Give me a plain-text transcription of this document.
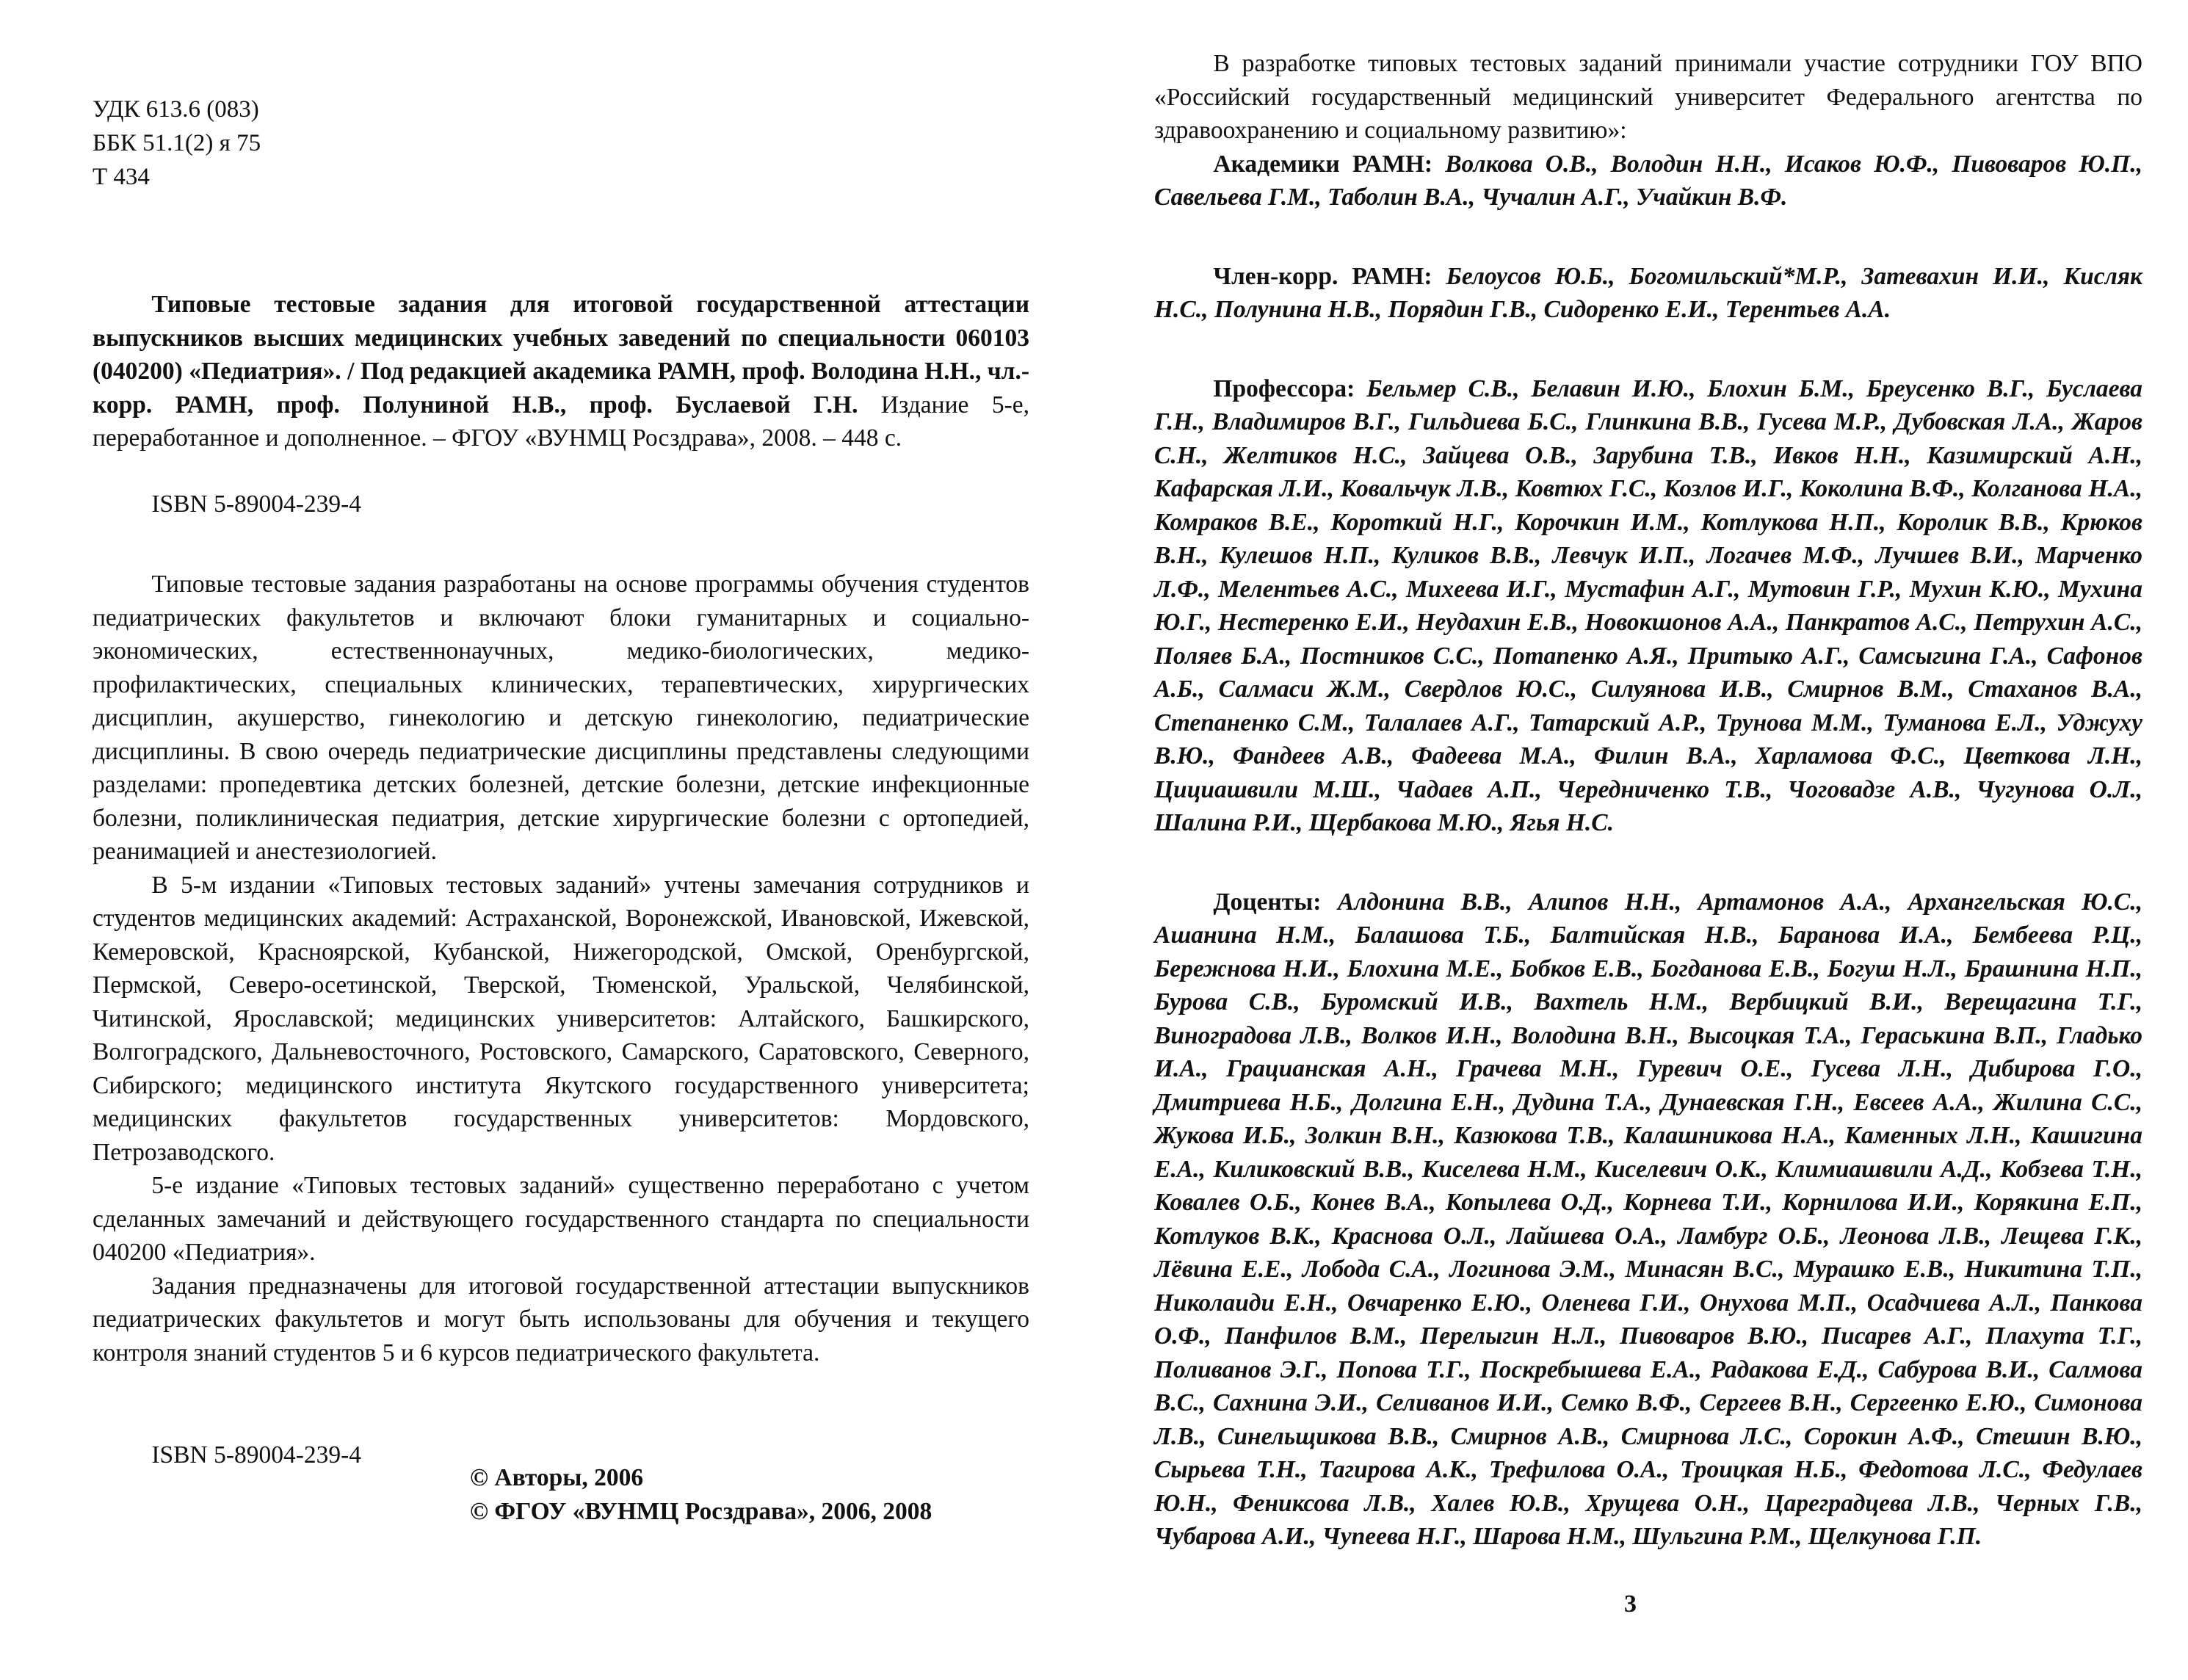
УДК 613.6 (083)

ББК 51.1(2) я 75

Т 434

Типовые тестовые задания для итоговой государственной аттестации выпускников высших медицинских учебных заведений по специальности 060103 (040200) «Педиатрия». / Под редакцией академика РАМН, проф. Володина Н.Н., чл.-корр. РАМН, проф. Полуниной Н.В., проф. Буслаевой Г.Н. Издание 5-е, переработанное и дополненное. – ФГОУ «ВУНМЦ Росздрава», 2008. – 448 с.

ISBN 5-89004-239-4

Типовые тестовые задания разработаны на основе программы обучения студентов педиатрических факультетов и включают блоки гуманитарных и социально-экономических, естественнонаучных, медико-биологических, медико-профилактических, специальных клинических, терапевтических, хирургических дисциплин, акушерство, гинекологию и детскую гинекологию, педиатрические дисциплины. В свою очередь педиатрические дисциплины представлены следующими разделами: пропедевтика детских болезней, детские болезни, детские инфекционные болезни, поликлиническая педиатрия, детские хирургические болезни с ортопедией, реанимацией и анестезиологией.

В 5-м издании «Типовых тестовых заданий» учтены замечания сотрудников и студентов медицинских академий: Астраханской, Воронежской, Ивановской, Ижевской, Кемеровской, Красноярской, Кубанской, Нижегородской, Омской, Оренбургской, Пермской, Северо-осетинской, Тверской, Тюменской, Уральской, Челябинской, Читинской, Ярославской; медицинских университетов: Алтайского, Башкирского, Волгоградского, Дальневосточного, Ростовского, Самарского, Саратовского, Северного, Сибирского; медицинского института Якутского государственного университета; медицинских факультетов государственных университетов: Мордовского, Петрозаводского.

5-е издание «Типовых тестовых заданий» существенно переработано с учетом сделанных замечаний и действующего государственного стандарта по специальности 040200 «Педиатрия».

Задания предназначены для итоговой государственной аттестации выпускников педиатрических факультетов и могут быть использованы для обучения и текущего контроля знаний студентов 5 и 6 курсов педиатрического факультета.

ISBN 5-89004-239-4

© Авторы, 2006

© ФГОУ «ВУНМЦ Росздрава», 2006, 2008

В разработке типовых тестовых заданий принимали участие сотрудники ГОУ ВПО «Российский государственный медицинский университет Федерального агентства по здравоохранению и социальному развитию»:

Академики РАМН: Волкова О.В., Володин Н.Н., Исаков Ю.Ф., Пивоваров Ю.П., Савельева Г.М., Таболин В.А., Чучалин А.Г., Учайкин В.Ф.

Член-корр. РАМН: Белоусов Ю.Б., Богомильский*М.Р., Затевахин И.И., Кисляк Н.С., Полунина Н.В., Порядин Г.В., Сидоренко Е.И., Терентьев А.А.

Профессора: Бельмер С.В., Белавин И.Ю., Блохин Б.М., Бреусенко В.Г., Буслаева Г.Н., Владимиров В.Г., Гильдиева Б.С., Глинкина В.В., Гусева М.Р., Дубовская Л.А., Жаров С.Н., Желтиков Н.С., Зайцева О.В., Зарубина Т.В., Ивков Н.Н., Казимирский А.Н., Кафарская Л.И., Ковальчук Л.В., Ковтюх Г.С., Козлов И.Г., Коколина В.Ф., Колганова Н.А., Комраков В.Е., Короткий Н.Г., Корочкин И.М., Котлукова Н.П., Королик В.В., Крюков В.Н., Кулешов Н.П., Куликов В.В., Левчук И.П., Логачев М.Ф., Лучшев В.И., Марченко Л.Ф., Мелентьев А.С., Михеева И.Г., Мустафин А.Г., Мутовин Г.Р., Мухин К.Ю., Мухина Ю.Г., Нестеренко Е.И., Неудахин Е.В., Новокшонов А.А., Панкратов А.С., Петрухин А.С., Поляев Б.А., Постников С.С., Потапенко А.Я., Притыко А.Г., Самсыгина Г.А., Сафонов А.Б., Салмаси Ж.М., Свердлов Ю.С., Силуянова И.В., Смирнов В.М., Стаханов В.А., Степаненко С.М., Талалаев А.Г., Татарский А.Р., Трунова М.М., Туманова Е.Л., Уджуху В.Ю., Фандеев А.В., Фадеева М.А., Филин В.А., Харламова Ф.С., Цветкова Л.Н., Цициашвили М.Ш., Чадаев А.П., Чередниченко Т.В., Чоговадзе А.В., Чугунова О.Л., Шалина Р.И., Щербакова М.Ю., Ягья Н.С.

Доценты: Алдонина В.В., Алипов Н.Н., Артамонов А.А., Архангельская Ю.С., Ашанина Н.М., Балашова Т.Б., Балтийская Н.В., Баранова И.А., Бембеева Р.Ц., Бережнова Н.И., Блохина М.Е., Бобков Е.В., Богданова Е.В., Богуш Н.Л., Брашнина Н.П., Бурова С.В., Буромский И.В., Вахтель Н.М., Вербицкий В.И., Верещагина Т.Г., Виноградова Л.В., Волков И.Н., Володина В.Н., Высоцкая Т.А., Гераськина В.П., Гладько И.А., Грацианская А.Н., Грачева М.Н., Гуревич О.Е., Гусева Л.Н., Дибирова Г.О., Дмитриева Н.Б., Долгина Е.Н., Дудина Т.А., Дунаевская Г.Н., Евсеев А.А., Жилина С.С., Жукова И.Б., Золкин В.Н., Казюкова Т.В., Калашникова Н.А., Каменных Л.Н., Кашигина Е.А., Киликовский В.В., Киселева Н.М., Киселевич О.К., Климиашвили А.Д., Кобзева Т.Н., Ковалев О.Б., Конев В.А., Копылева О.Д., Корнева Т.И., Корнилова И.И., Корякина Е.П., Котлуков В.К., Краснова О.Л., Лайшева О.А., Ламбург О.Б., Леонова Л.В., Лещева Г.К., Лёвина Е.Е., Лобода С.А., Логинова Э.М., Минасян В.С., Мурашко Е.В., Никитина Т.П., Николаиди Е.Н., Овчаренко Е.Ю., Оленева Г.И., Онухова М.П., Осадчиева А.Л., Панкова О.Ф., Панфилов В.М., Перелыгин Н.Л., Пивоваров В.Ю., Писарев А.Г., Плахута Т.Г., Поливанов Э.Г., Попова Т.Г., Поскребышева Е.А., Радакова Е.Д., Сабурова В.И., Салмова В.С., Сахнина Э.И., Селиванов И.И., Семко В.Ф., Сергеев В.Н., Сергеенко Е.Ю., Симонова Л.В., Синельщикова В.В., Смирнов А.В., Смирнова Л.С., Сорокин А.Ф., Стешин В.Ю., Сырьева Т.Н., Тагирова А.К., Трефилова О.А., Троицкая Н.Б., Федотова Л.С., Федулаев Ю.Н., Фениксова Л.В., Халев Ю.В., Хрущева О.Н., Цареградцева Л.В., Черных Г.В., Чубарова А.И., Чупеева Н.Г., Шарова Н.М., Шульгина Р.М., Щелкунова Г.П.

3
